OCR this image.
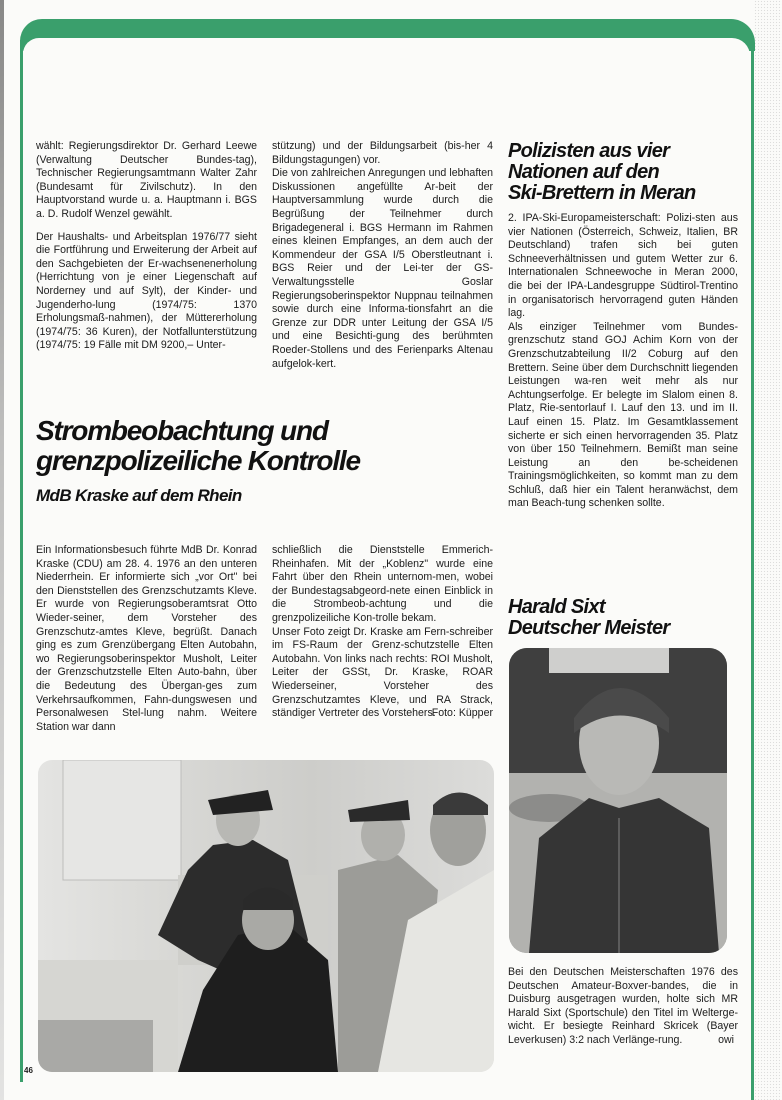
wählt: Regierungsdirektor Dr. Gerhard Leewe (Verwaltung Deutscher Bundes-tag), Technischer Regierungsamtmann Walter Zahr (Bundesamt für Zivilschutz). In den Hauptvorstand wurde u. a. Hauptmann i. BGS a. D. Rudolf Wenzel gewählt.

Der Haushalts- und Arbeitsplan 1976/77 sieht die Fortführung und Erweiterung der Arbeit auf den Sachgebieten der Er-wachsenenerholung (Herrichtung von je einer Liegenschaft auf Norderney und auf Sylt), der Kinder- und Jugenderho-lung (1974/75: 1370 Erholungsmaß-nahmen), der Müttererholung (1974/75: 36 Kuren), der Notfallunterstützung (1974/75: 19 Fälle mit DM 9200,– Unter-

stützung) und der Bildungsarbeit (bis-her 4 Bildungstagungen) vor.

Die von zahlreichen Anregungen und lebhaften Diskussionen angefüllte Ar-beit der Hauptversammlung wurde durch die Begrüßung der Teilnehmer durch Brigadegeneral i. BGS Hermann im Rahmen eines kleinen Empfanges, an dem auch der Kommendeur der GSA I/5 Oberstleutnant i. BGS Reier und der Lei-ter der GS-Verwaltungsstelle Goslar Regierungsoberinspektor Nuppnau teilnahmen sowie durch eine Informa-tionsfahrt an die Grenze zur DDR unter Leitung der GSA I/5 und eine Besichti-gung des berühmten Roeder-Stollens und des Ferienparks Altenau aufgelok-kert.

Polizisten aus vier
Nationen auf den
Ski-Brettern in Meran

2. IPA-Ski-Europameisterschaft: Polizi-sten aus vier Nationen (Österreich, Schweiz, Italien, BR Deutschland) trafen sich bei guten Schneeverhältnissen und gutem Wetter zur 6. Internationalen Schneewoche in Meran 2000, die bei der IPA-Landesgruppe Südtirol-Trentino in organisatorisch hervorragend guten Händen lag.

Als einziger Teilnehmer vom Bundes-grenzschutz stand GOJ Achim Korn von der Grenzschutzabteilung II/2 Coburg auf den Brettern. Seine über dem Durchschnitt liegenden Leistungen wa-ren weit mehr als nur Achtungserfolge. Er belegte im Slalom einen 8. Platz, Rie-sentorlauf I. Lauf den 13. und im II. Lauf einen 15. Platz. Im Gesamtklassement sicherte er sich einen hervorragenden 35. Platz von über 150 Teilnehmern. Bemißt man seine Leistung an den be-scheidenen Trainingsmöglichkeiten, so kommt man zu dem Schluß, daß hier ein Talent heranwächst, dem man Beach-tung schenken sollte.

Strombeobachtung und
grenzpolizeiliche Kontrolle
MdB Kraske auf dem Rhein

Ein Informationsbesuch führte MdB Dr. Konrad Kraske (CDU) am 28. 4. 1976 an den unteren Niederrhein. Er informierte sich „vor Ort" bei den Dienststellen des Grenzschutzamts Kleve. Er wurde von Regierungsoberamtsrat Otto Wieder-seiner, dem Vorsteher des Grenzschutz-amtes Kleve, begrüßt. Danach ging es zum Grenzübergang Elten Autobahn, wo Regierungsoberinspektor Musholt, Leiter der Grenzschutzstelle Elten Auto-bahn, über die Bedeutung des Übergan-ges zum Verkehrsaufkommen, Fahn-dungswesen und Personalwesen Stel-lung nahm. Weitere Station war dann

schließlich die Dienststelle Emmerich-Rheinhafen. Mit der „Koblenz" wurde eine Fahrt über den Rhein unternom-men, wobei der Bundestagsabgeord-nete einen Einblick in die Strombeob-achtung und die grenzpolizeiliche Kon-trolle bekam.

Unser Foto zeigt Dr. Kraske am Fern-schreiber im FS-Raum der Grenz-schutzstelle Elten Autobahn. Von links nach rechts: ROI Musholt, Leiter der GSSt, Dr. Kraske, ROAR Wiederseiner, Vorsteher des Grenzschutzamtes Kleve, und RA Strack, ständiger Vertreter des Vorstehers.

Foto: Küpper

Harald Sixt
Deutscher Meister

Bei den Deutschen Meisterschaften 1976 des Deutschen Amateur-Boxver-bandes, die in Duisburg ausgetragen wurden, holte sich MR Harald Sixt (Sportschule) den Titel im Weltergе-wicht. Er besiegte Reinhard Skricek (Bayer Leverkusen) 3:2 nach Verlänge-rung.	owi

46
